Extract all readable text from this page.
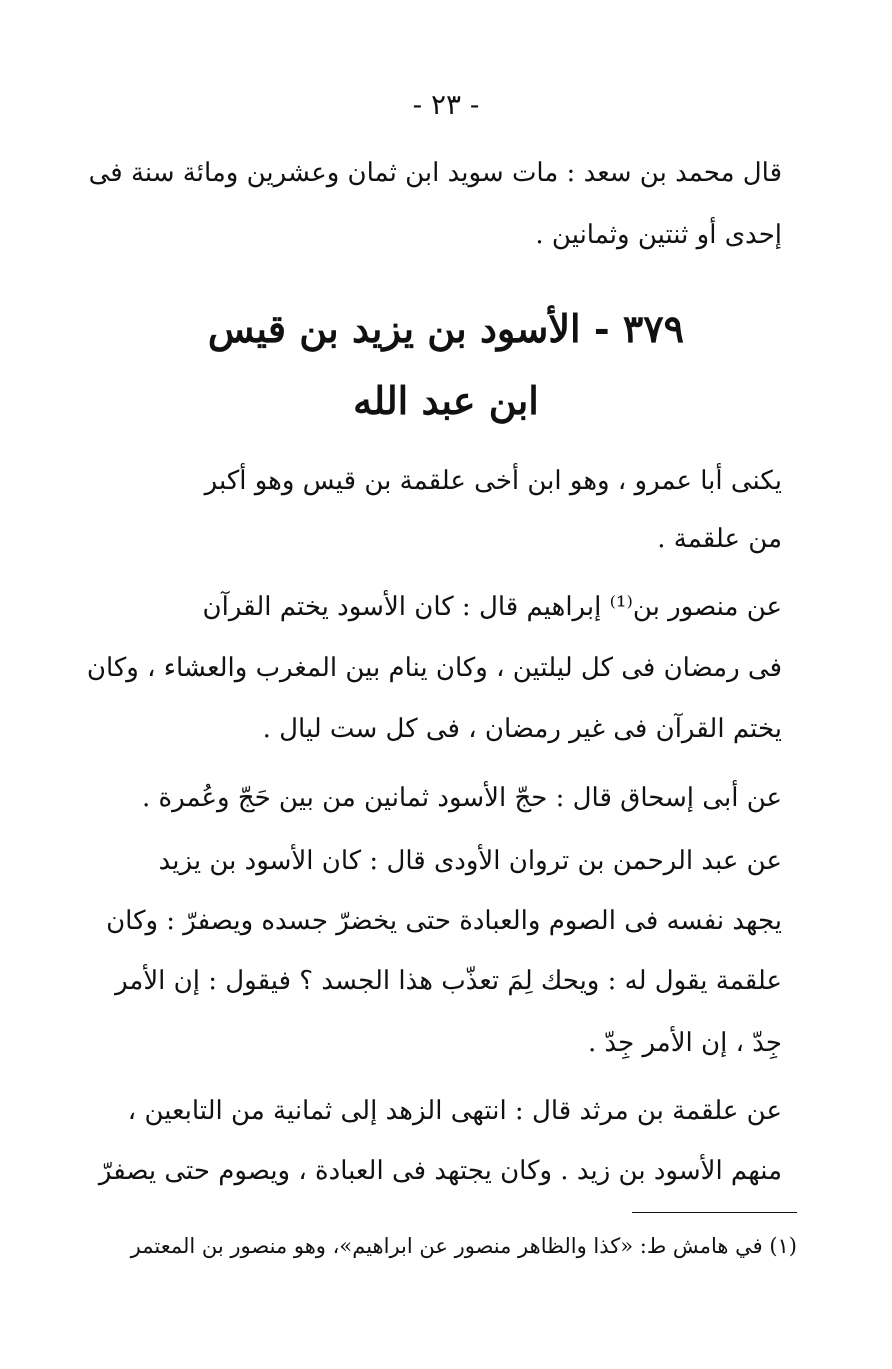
- ٢٣ -
قال محمد بن سعد : مات سويد ابن ثمان وعشرين ومائة سنة فى
إحدى أو ثنتين وثمانين .
٣٧٩ - الأسود بن يزيد بن قيس
ابن عبد الله
يكنى أبا عمرو ، وهو ابن أخى علقمة بن قيس وهو أكبر
من علقمة .
عن منصور بن⁽¹⁾ إبراهيم قال : كان الأسود يختم القرآن
فى رمضان فى كل ليلتين ، وكان ينام بين المغرب والعشاء ، وكان
يختم القرآن فى غير رمضان ، فى كل ست ليال .
عن أبى إسحاق قال : حجّ الأسود ثمانين من بين حَجّ وعُمرة .
عن عبد الرحمن بن تروان الأودى قال : كان الأسود بن يزيد
يجهد نفسه فى الصوم والعبادة حتى يخضرّ جسده ويصفرّ : وكان
علقمة يقول له : ويحك لِمَ تعذّب هذا الجسد ؟ فيقول : إن الأمر
جِدّ ، إن الأمر جِدّ .
عن علقمة بن مرثد قال : انتهى الزهد إلى ثمانية من التابعين ،
منهم الأسود بن زيد . وكان يجتهد فى العبادة ، ويصوم حتى يصفرّ
(١) في هامش ط: «كذا والظاهر منصور عن ابراهيم»، وهو منصور بن المعتمر
